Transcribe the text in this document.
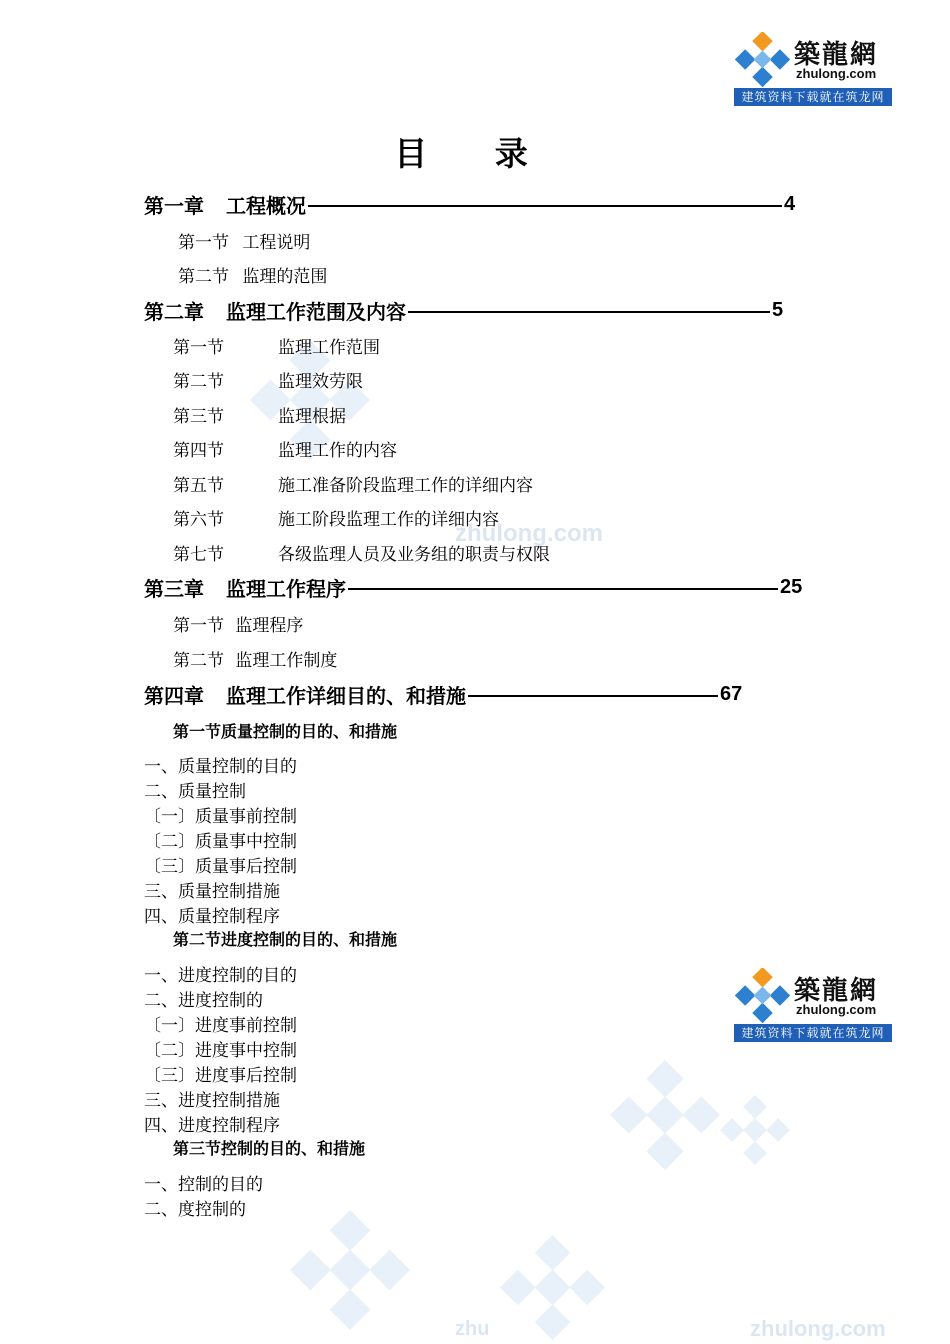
zhulong.com
zhu	zhulong.com
築龍網
zhulong.com
建筑资料下载就在筑龙网
築龍網
zhulong.com
建筑资料下载就在筑龙网
目 录
第一章 工程概况	4
第一节 工程说明
第二节 监理的范围
第二章 监理工作范围及内容	5
第一节	监理工作范围
第二节	监理效劳限
第三节	监理根据
第四节	监理工作的内容
第五节	施工准备阶段监理工作的详细内容
第六节	施工阶段监理工作的详细内容
第七节	各级监理人员及业务组的职责与权限
第三章 监理工作程序	25
第一节 监理程序
第二节 监理工作制度
第四章 监理工作详细目的、和措施	67
第一节质量控制的目的、和措施
一、质量控制的目的
二、质量控制
〔一〕质量事前控制
〔二〕质量事中控制
〔三〕质量事后控制
三、质量控制措施
四、质量控制程序
第二节进度控制的目的、和措施
一、进度控制的目的
二、进度控制的
〔一〕进度事前控制
〔二〕进度事中控制
〔三〕进度事后控制
三、进度控制措施
四、进度控制程序
第三节控制的目的、和措施
一、控制的目的
二、度控制的
